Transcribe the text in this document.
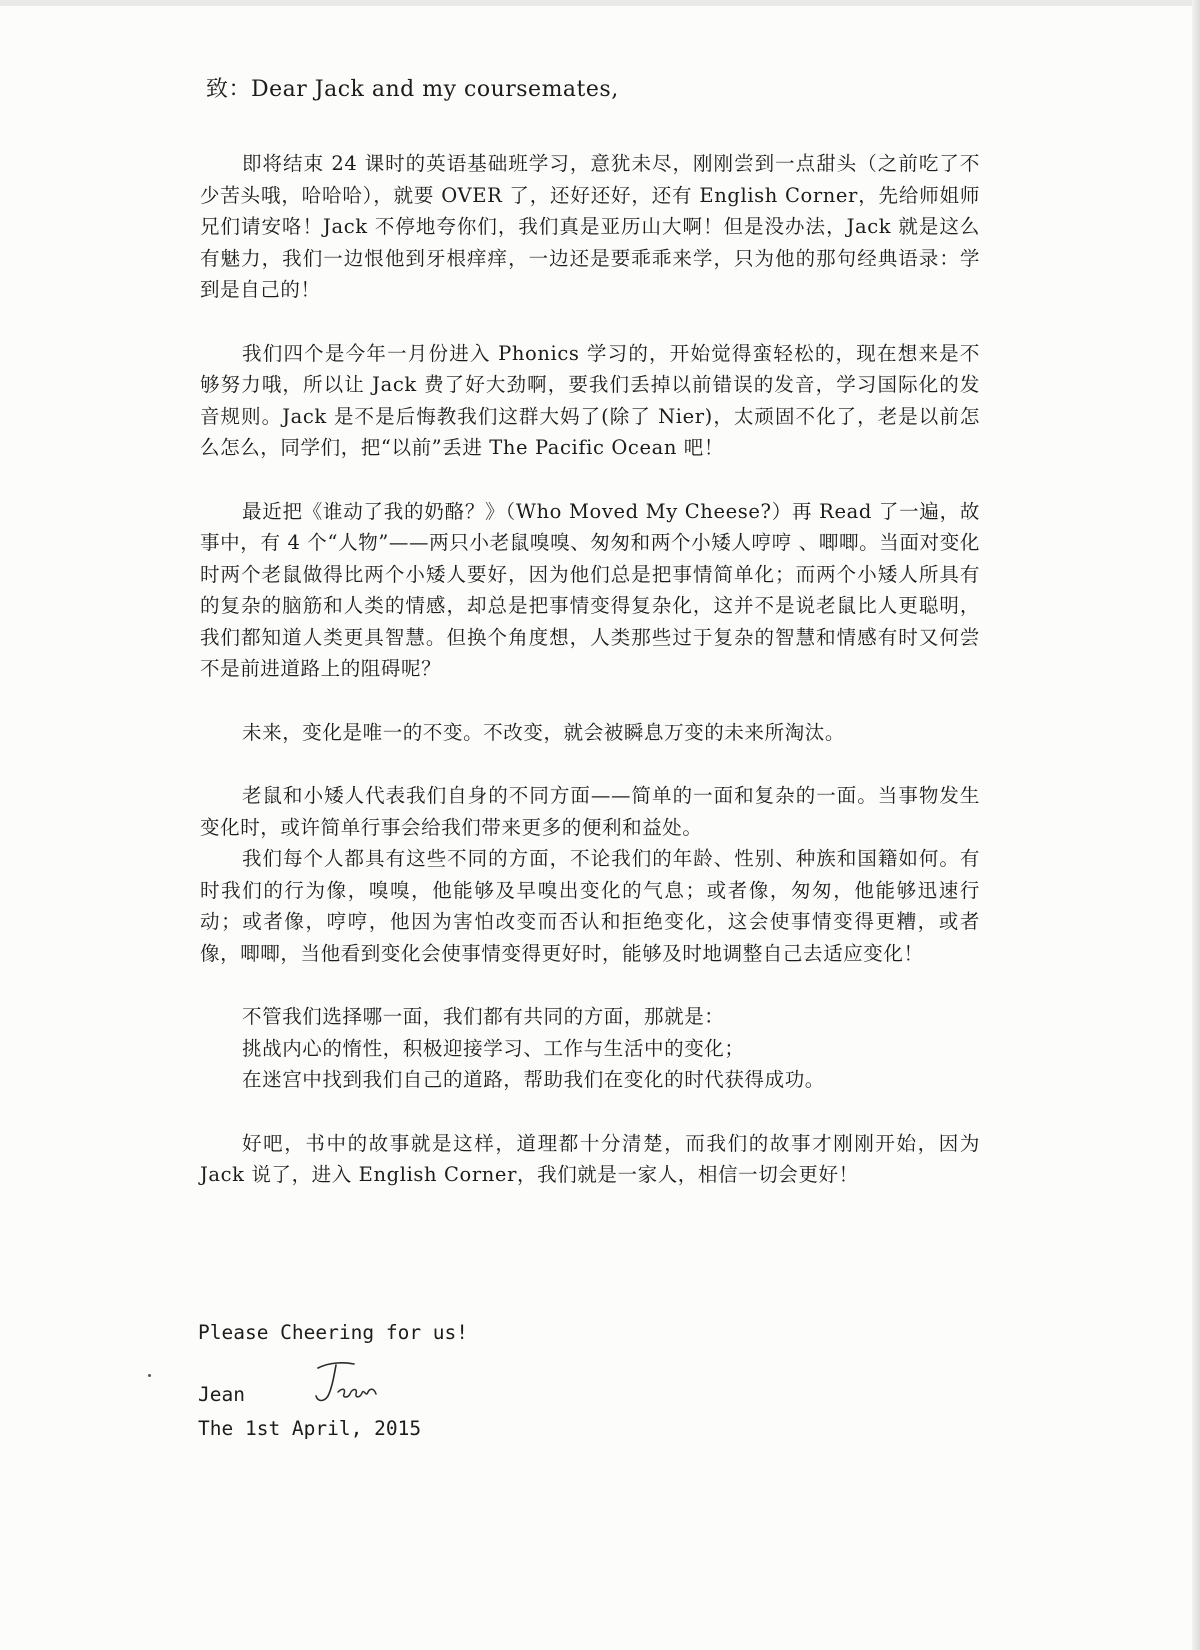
致：Dear Jack and my coursemates,

即将结束 24 课时的英语基础班学习，意犹未尽，刚刚尝到一点甜头（之前吃了不少苦头哦，哈哈哈），就要 OVER 了，还好还好，还有 English Corner，先给师姐师兄们请安咯！Jack 不停地夸你们，我们真是亚历山大啊！但是没办法，Jack 就是这么有魅力，我们一边恨他到牙根痒痒，一边还是要乖乖来学，只为他的那句经典语录：学到是自己的！

我们四个是今年一月份进入 Phonics 学习的，开始觉得蛮轻松的，现在想来是不够努力哦，所以让 Jack 费了好大劲啊，要我们丢掉以前错误的发音，学习国际化的发音规则。Jack 是不是后悔教我们这群大妈了(除了 Nier)，太顽固不化了，老是以前怎么怎么，同学们，把“以前”丢进 The Pacific Ocean 吧！

最近把《谁动了我的奶酪？》（Who Moved My Cheese?）再 Read 了一遍，故事中，有 4 个“人物”——两只小老鼠嗅嗅、匆匆和两个小矮人哼哼 、唧唧。当面对变化时两个老鼠做得比两个小矮人要好，因为他们总是把事情简单化；而两个小矮人所具有的复杂的脑筋和人类的情感，却总是把事情变得复杂化，这并不是说老鼠比人更聪明，我们都知道人类更具智慧。但换个角度想，人类那些过于复杂的智慧和情感有时又何尝不是前进道路上的阻碍呢？

未来，变化是唯一的不变。不改变，就会被瞬息万变的未来所淘汰。

老鼠和小矮人代表我们自身的不同方面——简单的一面和复杂的一面。当事物发生变化时，或许简单行事会给我们带来更多的便利和益处。

我们每个人都具有这些不同的方面，不论我们的年龄、性别、种族和国籍如何。有时我们的行为像，嗅嗅，他能够及早嗅出变化的气息；或者像，匆匆，他能够迅速行动；或者像，哼哼，他因为害怕改变而否认和拒绝变化，这会使事情变得更糟，或者像，唧唧，当他看到变化会使事情变得更好时，能够及时地调整自己去适应变化！

不管我们选择哪一面，我们都有共同的方面，那就是：

挑战内心的惰性，积极迎接学习、工作与生活中的变化；

在迷宫中找到我们自己的道路，帮助我们在变化的时代获得成功。

好吧，书中的故事就是这样，道理都十分清楚，而我们的故事才刚刚开始，因为 Jack 说了，进入 English Corner，我们就是一家人，相信一切会更好！

Please Cheering for us!
Jean
The 1st April, 2015
